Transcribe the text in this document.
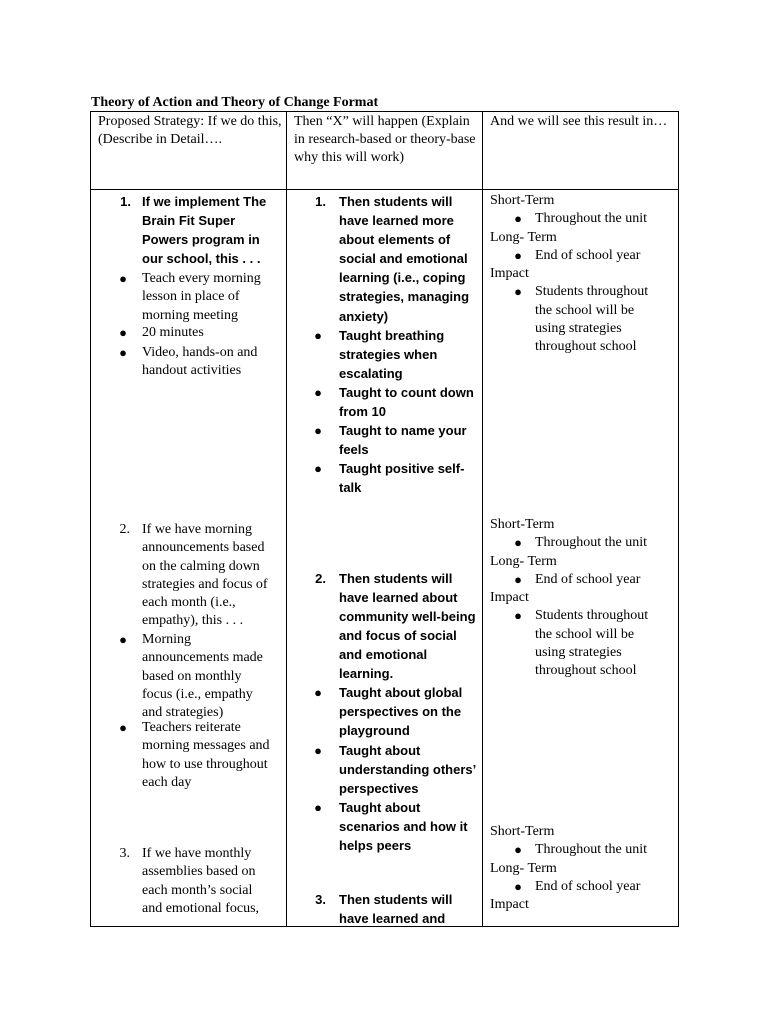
Theory of Action and Theory of Change Format
Proposed Strategy: If we do this, (Describe in Detail….
Then “X” will happen (Explain in research-based or theory-base why this will work)
And we will see this result in…
1. If we implement The
Brain Fit Super
Powers program in
our school, this . . .
● Teach every morning
lesson in place of
morning meeting
● 20 minutes
● Video, hands-on and
handout activities
2. If we have morning
announcements based
on the calming down
strategies and focus of
each month (i.e.,
empathy), this . . .
● Morning
announcements made
based on monthly
focus (i.e., empathy
and strategies)
● Teachers reiterate
morning messages and
how to use throughout
each day
3. If we have monthly
assemblies based on
each month’s social
and emotional focus,
1. Then students will
have learned more
about elements of
social and emotional
learning (i.e., coping
strategies, managing
anxiety)
● Taught breathing
strategies when
escalating
● Taught to count down
from 10
● Taught to name your
feels
● Taught positive self-
talk
2. Then students will
have learned about
community well-being
and focus of social
and emotional
learning.
● Taught about global
perspectives on the
playground
● Taught about
understanding others’
perspectives
● Taught about
scenarios and how it
helps peers
3. Then students will
have learned and
Short-Term
● Throughout the unit
Long- Term
● End of school year
Impact
● Students throughout
the school will be
using strategies
throughout school
Short-Term
● Throughout the unit
Long- Term
● End of school year
Impact
● Students throughout
the school will be
using strategies
throughout school
Short-Term
● Throughout the unit
Long- Term
● End of school year
Impact
